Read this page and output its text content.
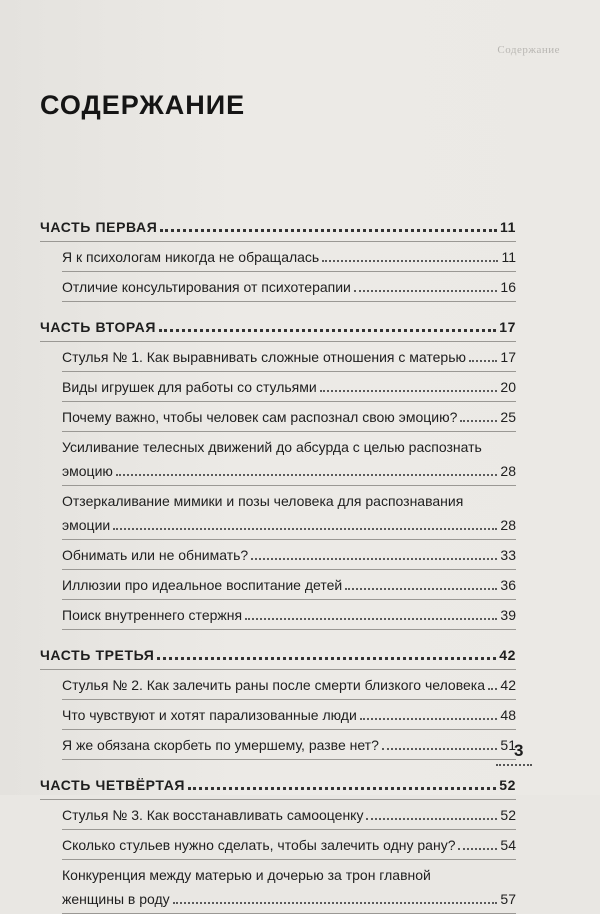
Содержание
СОДЕРЖАНИЕ
ЧАСТЬ ПЕРВАЯ	11
Я к психологам никогда не обращалась	11
Отличие консультирования от психотерапии	16
ЧАСТЬ ВТОРАЯ	17
Стулья № 1. Как выравнивать сложные отношения с матерью 17
Виды игрушек для работы со стульями	20
Почему важно, чтобы человек сам распознал свою эмоцию?	25
Усиливание телесных движений до абсурда с целью распознать
эмоцию	28
Отзеркаливание мимики и позы человека для распознавания
эмоции	28
Обнимать или не обнимать?	33
Иллюзии про идеальное воспитание детей	36
Поиск внутреннего стержня	39
ЧАСТЬ ТРЕТЬЯ	42
Стулья № 2. Как залечить раны после смерти близкого человека 42
Что чувствуют и хотят парализованные люди	48
Я же обязана скорбеть по умершему, разве нет?	51
ЧАСТЬ ЧЕТВЁРТАЯ	52
Стулья № 3. Как восстанавливать самооценку	52
Сколько стульев нужно сделать, чтобы залечить одну рану?	54
Конкуренция между матерью и дочерью за трон главной
женщины в роду	57
3
